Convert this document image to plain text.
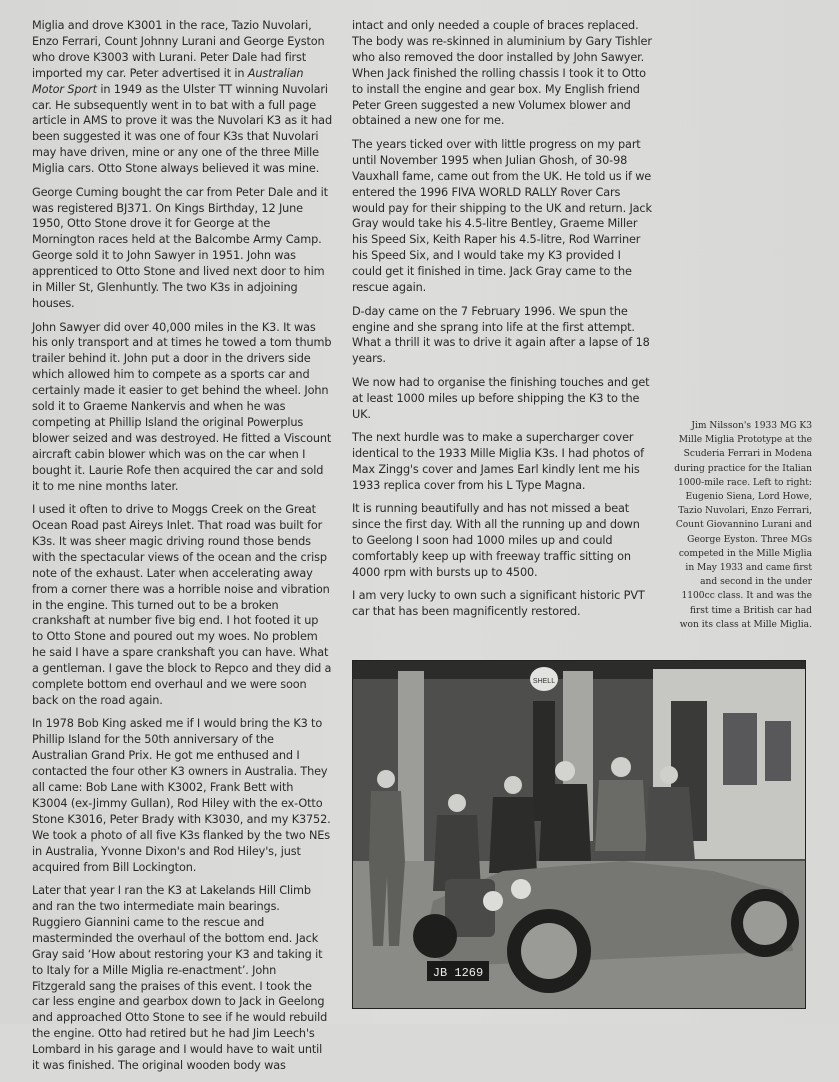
Miglia and drove K3001 in the race, Tazio Nuvolari, Enzo Ferrari, Count Johnny Lurani and George Eyston who drove K3003 with Lurani. Peter Dale had first imported my car. Peter advertised it in Australian Motor Sport in 1949 as the Ulster TT winning Nuvolari car. He subsequently went in to bat with a full page article in AMS to prove it was the Nuvolari K3 as it had been suggested it was one of four K3s that Nuvolari may have driven, mine or any one of the three Mille Miglia cars. Otto Stone always believed it was mine.

George Cuming bought the car from Peter Dale and it was registered BJ371. On Kings Birthday, 12 June 1950, Otto Stone drove it for George at the Mornington races held at the Balcombe Army Camp. George sold it to John Sawyer in 1951. John was apprenticed to Otto Stone and lived next door to him in Miller St, Glenhuntly. The two K3s in adjoining houses.

John Sawyer did over 40,000 miles in the K3. It was his only transport and at times he towed a tom thumb trailer behind it. John put a door in the drivers side which allowed him to compete as a sports car and certainly made it easier to get behind the wheel. John sold it to Graeme Nankervis and when he was competing at Phillip Island the original Powerplus blower seized and was destroyed. He fitted a Viscount aircraft cabin blower which was on the car when I bought it. Laurie Rofe then acquired the car and sold it to me nine months later.

I used it often to drive to Moggs Creek on the Great Ocean Road past Aireys Inlet. That road was built for K3s. It was sheer magic driving round those bends with the spectacular views of the ocean and the crisp note of the exhaust. Later when accelerating away from a corner there was a horrible noise and vibration in the engine. This turned out to be a broken crankshaft at number five big end. I hot footed it up to Otto Stone and poured out my woes. No problem he said I have a spare crankshaft you can have. What a gentleman. I gave the block to Repco and they did a complete bottom end overhaul and we were soon back on the road again.

In 1978 Bob King asked me if I would bring the K3 to Phillip Island for the 50th anniversary of the Australian Grand Prix. He got me enthused and I contacted the four other K3 owners in Australia. They all came: Bob Lane with K3002, Frank Bett with K3004 (ex-Jimmy Gullan), Rod Hiley with the ex-Otto Stone K3016, Peter Brady with K3030, and my K3752. We took a photo of all five K3s flanked by the two NEs in Australia, Yvonne Dixon's and Rod Hiley's, just acquired from Bill Lockington.

Later that year I ran the K3 at Lakelands Hill Climb and ran the two intermediate main bearings. Ruggiero Giannini came to the rescue and masterminded the overhaul of the bottom end. Jack Gray said ‘How about restoring your K3 and taking it to Italy for a Mille Miglia re-enactment’. John Fitzgerald sang the praises of this event. I took the car less engine and gearbox down to Jack in Geelong and approached Otto Stone to see if he would rebuild the engine. Otto had retired but he had Jim Leech's Lombard in his garage and I would have to wait until it was finished. The original wooden body was

intact and only needed a couple of braces replaced. The body was re-skinned in aluminium by Gary Tishler who also removed the door installed by John Sawyer. When Jack finished the rolling chassis I took it to Otto to install the engine and gear box. My English friend Peter Green suggested a new Volumex blower and obtained a new one for me.

The years ticked over with little progress on my part until November 1995 when Julian Ghosh, of 30-98 Vauxhall fame, came out from the UK. He told us if we entered the 1996 FIVA WORLD RALLY Rover Cars would pay for their shipping to the UK and return. Jack Gray would take his 4.5-litre Bentley, Graeme Miller his Speed Six, Keith Raper his 4.5-litre, Rod Warriner his Speed Six, and I would take my K3 provided I could get it finished in time. Jack Gray came to the rescue again.

D-day came on the 7 February 1996. We spun the engine and she sprang into life at the first attempt. What a thrill it was to drive it again after a lapse of 18 years.

We now had to organise the finishing touches and get at least 1000 miles up before shipping the K3 to the UK.

The next hurdle was to make a supercharger cover identical to the 1933 Mille Miglia K3s. I had photos of Max Zingg's cover and James Earl kindly lent me his 1933 replica cover from his L Type Magna.

It is running beautifully and has not missed a beat since the first day. With all the running up and down to Geelong I soon had 1000 miles up and could comfortably keep up with freeway traffic sitting on 4000 rpm with bursts up to 4500.

I am very lucky to own such a significant historic PVT car that has been magnificently restored.

Jim Nilsson's 1933 MG K3
Mille Miglia Prototype at the
Scuderia Ferrari in Modena
during practice for the Italian
1000-mile race. Left to right:
Eugenio Siena, Lord Howe,
Tazio Nuvolari, Enzo Ferrari,
Count Giovannino Lurani and
George Eyston. Three MGs
competed in the Mille Miglia
in May 1933 and came first
and second in the under
1100cc class. It and was the
first time a British car had
won its class at Mille Miglia.
SHELL
JB 1269
